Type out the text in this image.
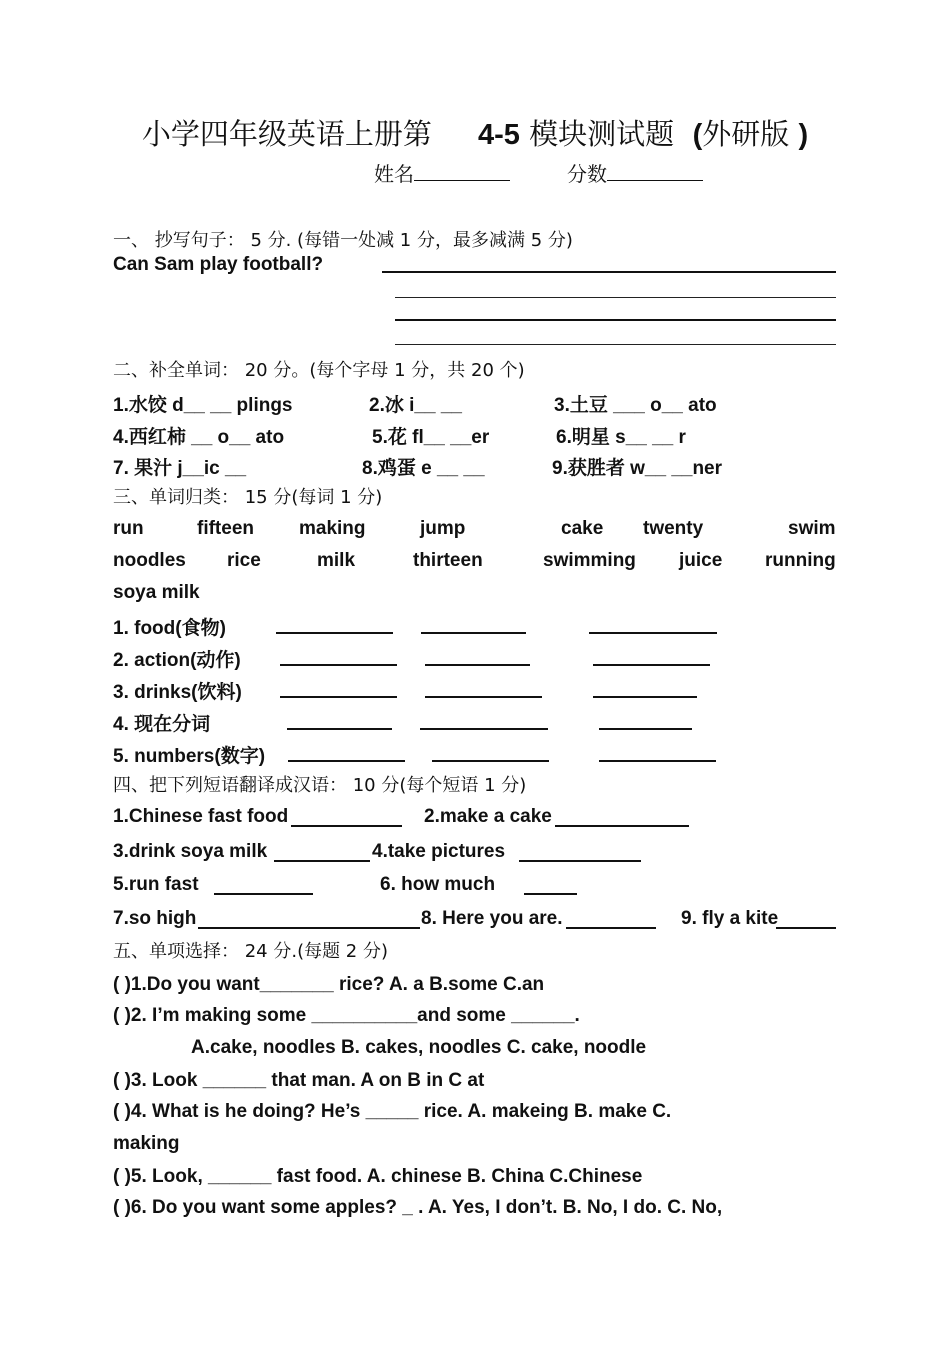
小学四年级英语上册第 4-5 模块测试题 (外研版 )
姓名	分数
一、 抄写句子： 5 分. (每错一处减 1 分，最多减满 5 分)
Can Sam play football?
二、补全单词： 20 分。(每个字母 1 分，共 20 个)
1.水饺 d__ __ plings	2.冰 i__ __	3.土豆 ___ o__ ato
4.西红柿 __ o__ ato	5.花 fl__ __er	6.明星 s__ __ r
7. 果汁 j__ic __	8.鸡蛋 e __ __	9.获胜者 w__ __ner
三、单词归类： 15 分(每词 1 分)
run	fifteen making	jump	cake twenty	swim
noodles rice	milk	thirteen	swimming juice running
soya milk
1. food(食物)
2. action(动作)
3. drinks(饮料)
4. 现在分词
5. numbers(数字)
四、把下列短语翻译成汉语： 10 分(每个短语 1 分)
1.Chinese fast food	2.make a cake
3.drink soya milk	4.take pictures
5.run fast	6. how much
7.so high	8. Here you are.	9. fly a kite
五、单项选择： 24 分.(每题 2 分)
( )1.Do you want_______ rice? A. a B.some C.an
( )2. I’m making some __________and some ______.
A.cake, noodles B. cakes, noodles C. cake, noodle
( )3. Look ______ that man. A on B in C at
( )4. What is he doing? He’s _____ rice. A. makeing B. make C.
making
( )5. Look, ______ fast food. A. chinese B. China C.Chinese
( )6. Do you want some apples? _ . A. Yes, I don’t. B. No, I do. C. No,
